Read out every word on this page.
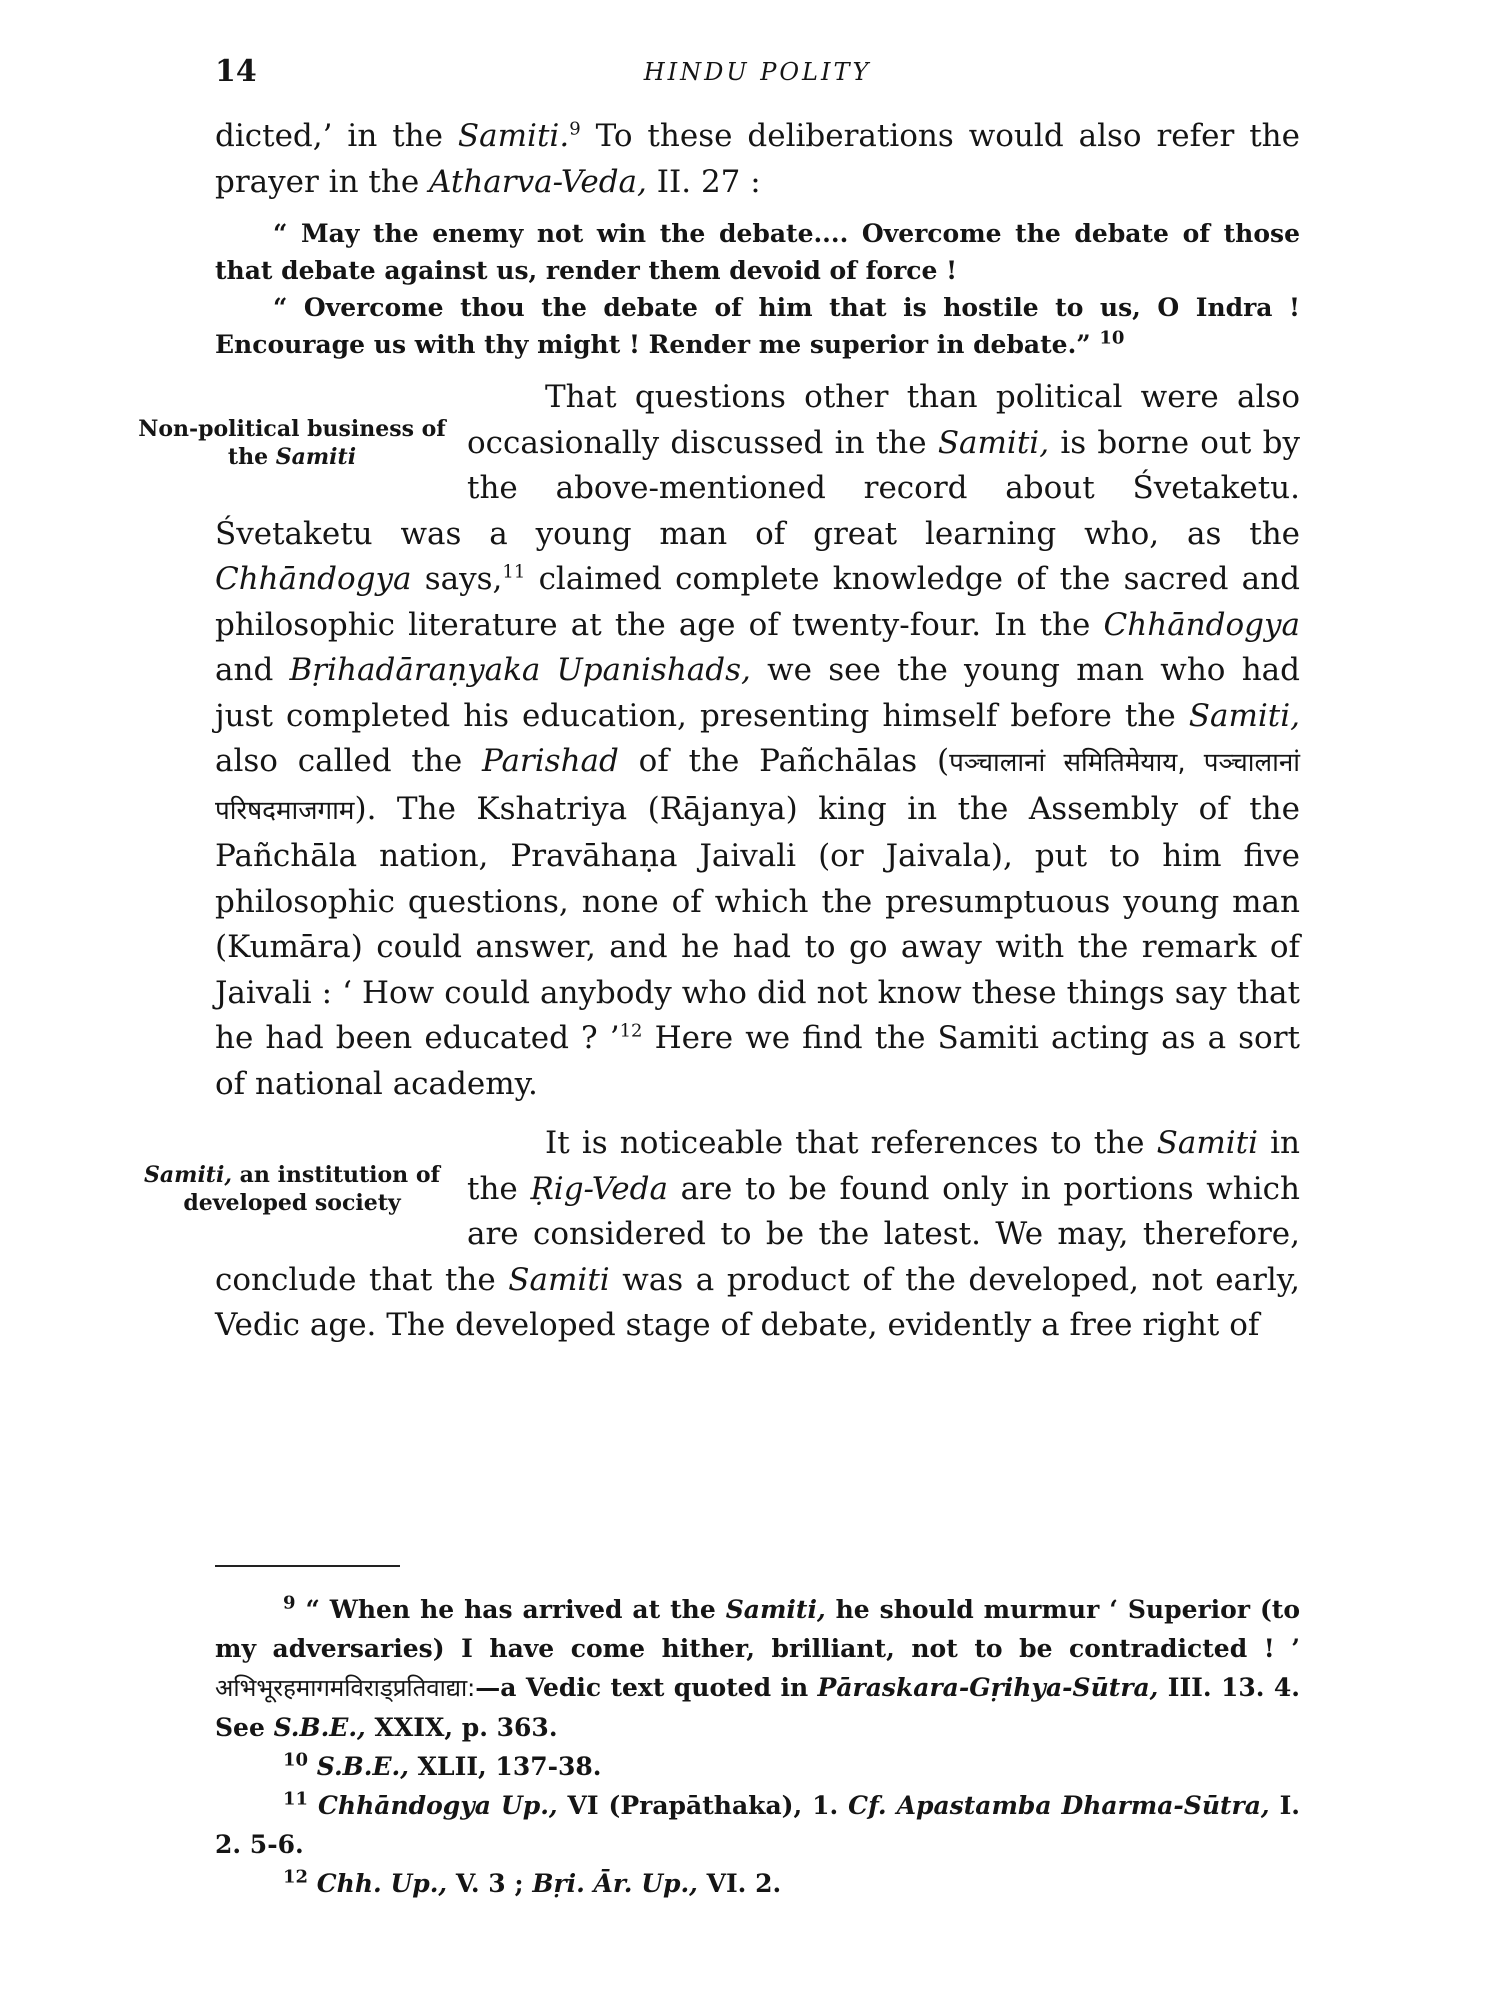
14	HINDU POLITY

dicted,’ in the Samiti.$^9$ To these deliberations would also refer the prayer in the Atharva-Veda, II. 27 :

“ May the enemy not win the debate.... Overcome the debate of those that debate against us, render them devoid of force !

“ Overcome thou the debate of him that is hostile to us, O Indra ! Encourage us with thy might ! Render me superior in debate.” $^{10}$

Non-political business of the Samiti
That questions other than political were also occasionally discussed in the Samiti, is borne out by the above-mentioned record about Śvetaketu. Śvetaketu was a young man of great learning who, as the Chhāndogya says,$^{11}$ claimed complete knowledge of the sacred and philosophic literature at the age of twenty-four. In the Chhāndogya and Bṛihadāraṇyaka Upanishads, we see the young man who had just completed his education, presenting himself before the Samiti, also called the Parishad of the Pañchālas (पञ्चालानां समितिमेयाय, पञ्चालानां परिषदमाजगाम). The Kshatriya (Rājanya) king in the Assembly of the Pañchāla nation, Pravāhaṇa Jaivali (or Jaivala), put to him five philosophic questions, none of which the presumptuous young man (Kumāra) could answer, and he had to go away with the remark of Jaivali : ‘ How could anybody who did not know these things say that he had been educated ? ’$^{12}$ Here we find the Samiti acting as a sort of national academy.

Samiti, an institution of developed society
It is noticeable that references to the Samiti in the Ṛig-Veda are to be found only in portions which are considered to be the latest. We may, therefore, conclude that the Samiti was a product of the developed, not early, Vedic age. The developed stage of debate, evidently a free right of

$^9$ “ When he has arrived at the Samiti, he should murmur ‘ Superior (to my adversaries) I have come hither, brilliant, not to be contradicted ! ’ अभिभूरहमागमविराड्प्रतिवाद्या:—a Vedic text quoted in Pāraskara-Gṛihya-Sūtra, III. 13. 4. See S.B.E., XXIX, p. 363.

$^{10}$ S.B.E., XLII, 137-38.

$^{11}$ Chhāndogya Up., VI (Prapāthaka), 1. Cf. Apastamba Dharma-Sūtra, I. 2. 5-6.

$^{12}$ Chh. Up., V. 3 ; Bṛi. Ār. Up., VI. 2.
